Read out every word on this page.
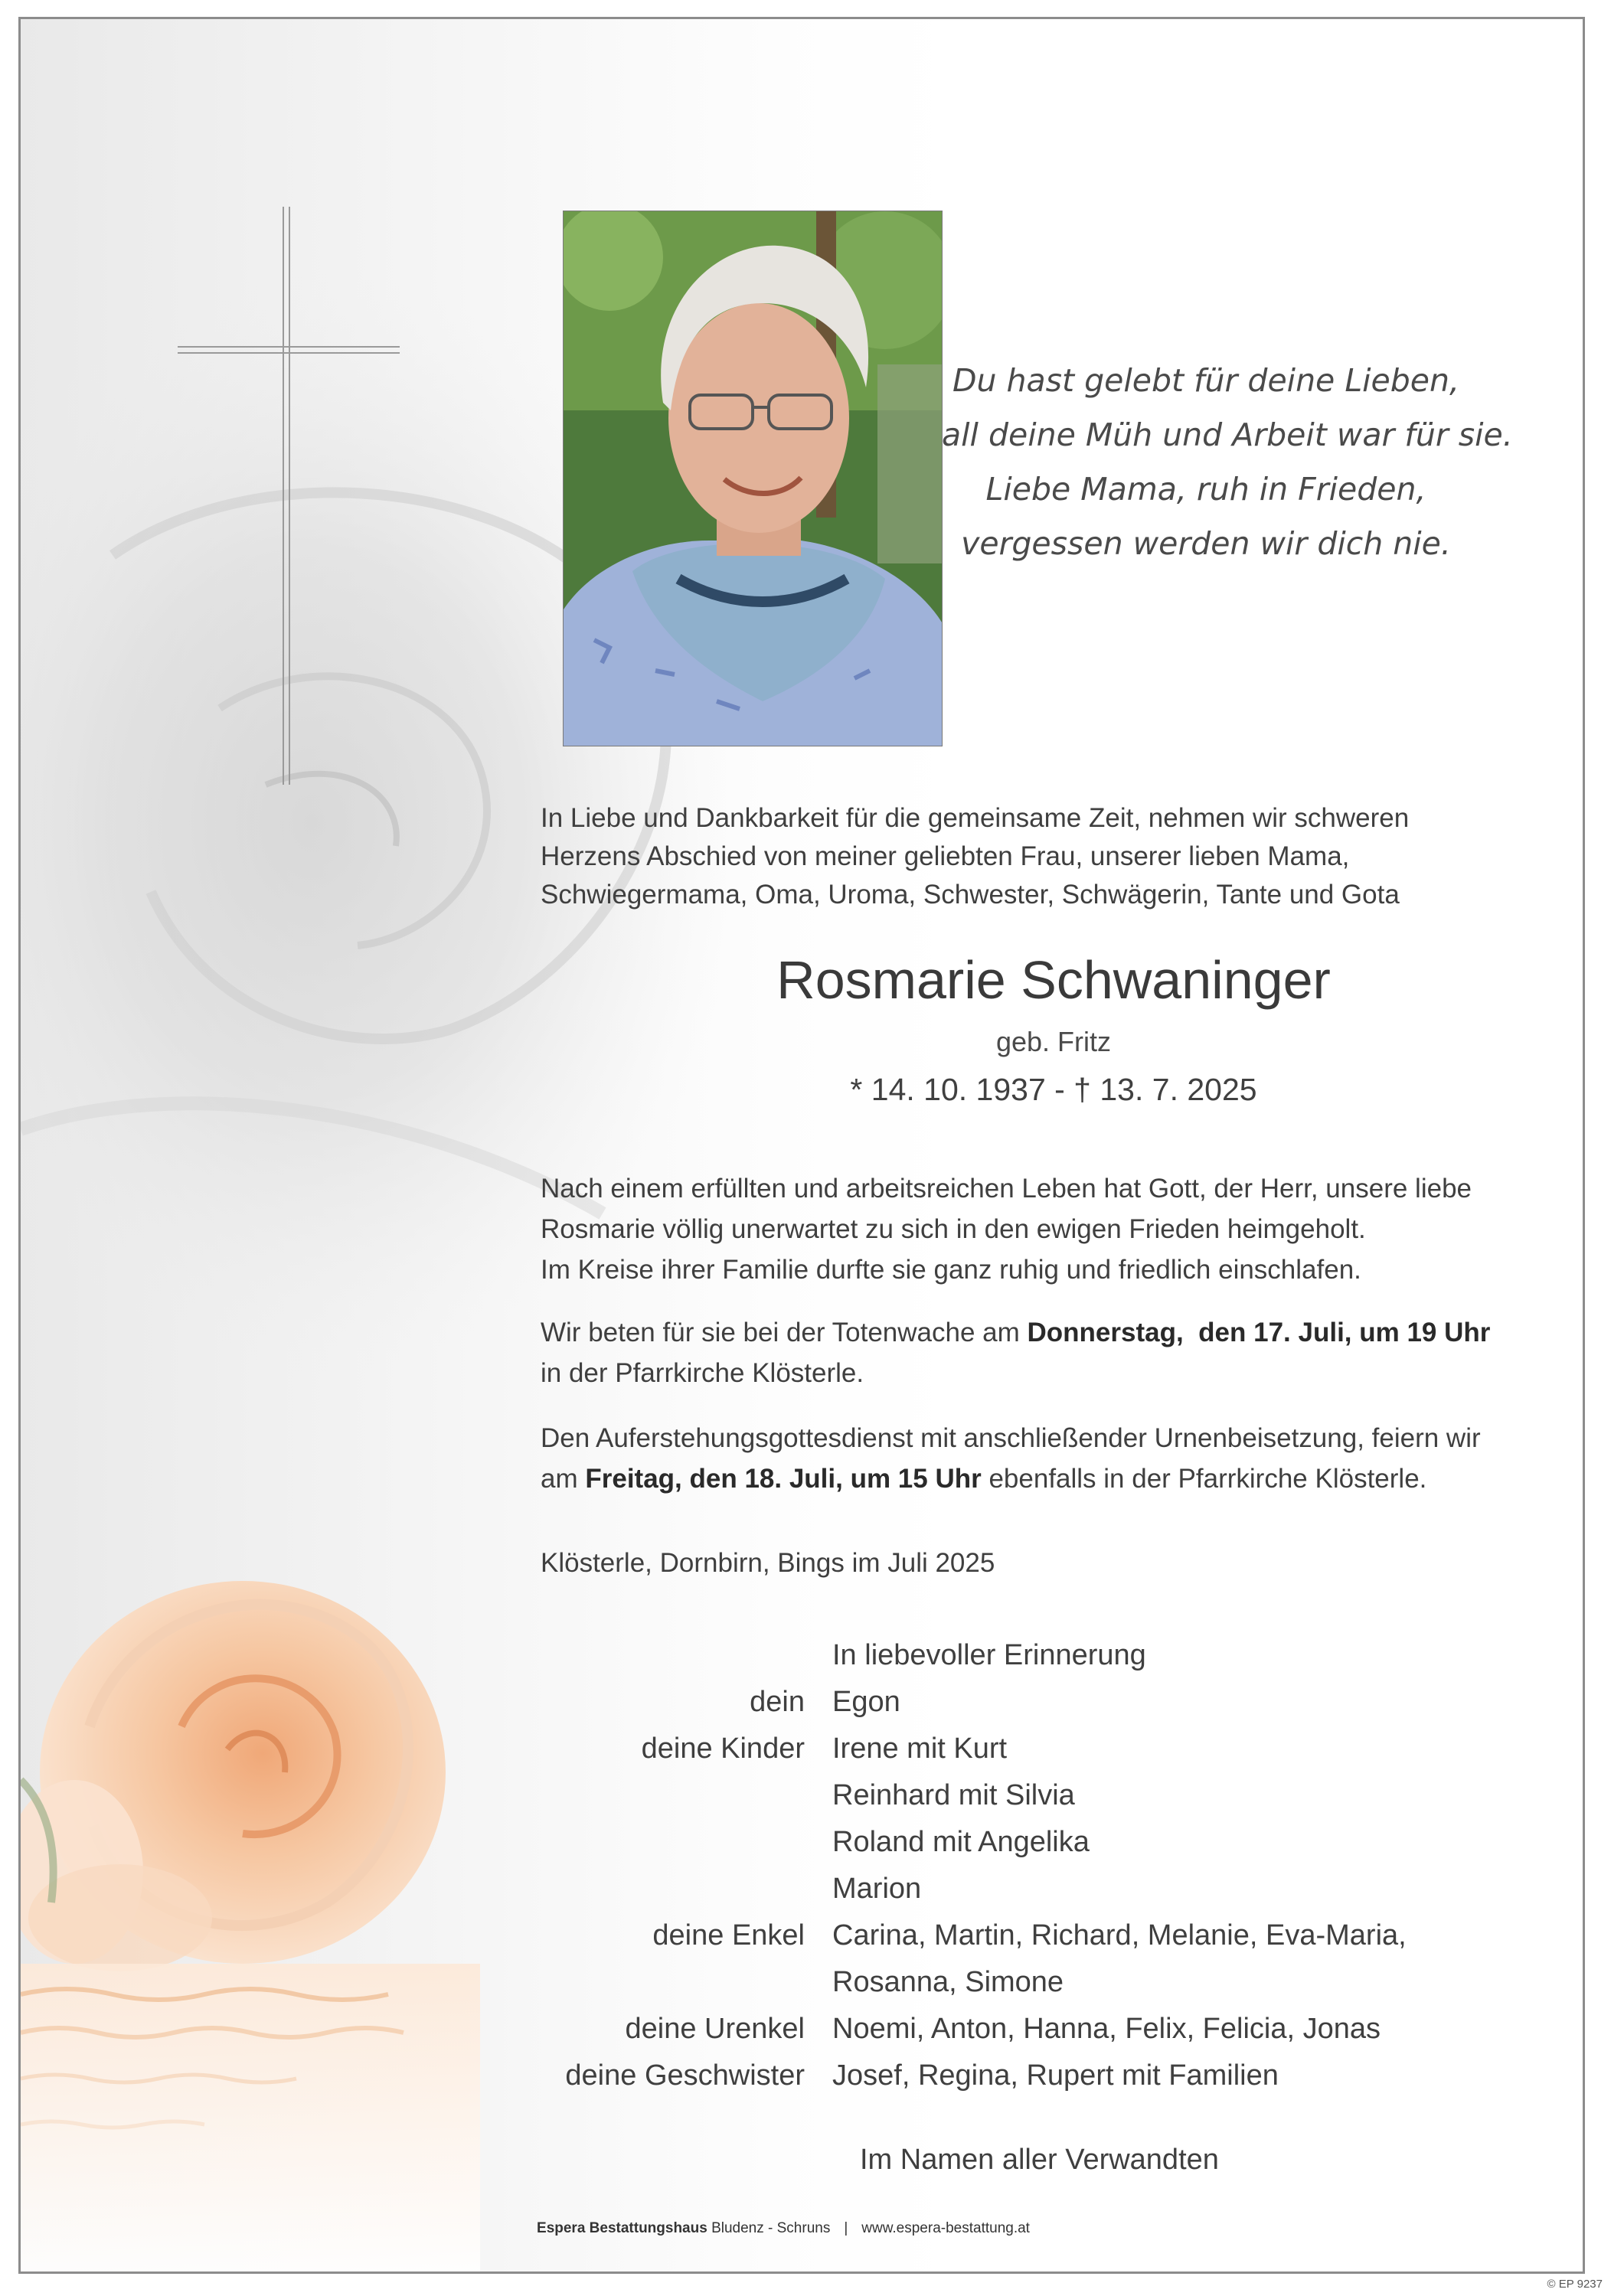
Du hast gelebt für deine Lieben,
all deine Müh und Arbeit war für sie.
Liebe Mama, ruh in Frieden,
vergessen werden wir dich nie.
In Liebe und Dankbarkeit für die gemeinsame Zeit, nehmen wir schweren
Herzens Abschied von meiner geliebten Frau, unserer lieben Mama,
Schwiegermama, Oma, Uroma, Schwester, Schwägerin, Tante und Gota
Rosmarie Schwaninger
geb. Fritz
* 14. 10. 1937 - † 13. 7. 2025
Nach einem erfüllten und arbeitsreichen Leben hat Gott, der Herr, unsere liebe
Rosmarie völlig unerwartet zu sich in den ewigen Frieden heimgeholt.
Im Kreise ihrer Familie durfte sie ganz ruhig und friedlich einschlafen.
Wir beten für sie bei der Totenwache am Donnerstag,  den 17. Juli, um 19 Uhr
in der Pfarrkirche Klösterle.
Den Auferstehungsgottesdienst mit anschließender Urnenbeisetzung, feiern wir
am Freitag, den 18. Juli, um 15 Uhr ebenfalls in der Pfarrkirche Klösterle.
Klösterle, Dornbirn, Bings im Juli 2025
In liebevoller Erinnerung
dein Egon
deine Kinder Irene mit Kurt
Reinhard mit Silvia
Roland mit Angelika
Marion
deine Enkel Carina, Martin, Richard, Melanie, Eva-Maria,
Rosanna, Simone
deine Urenkel Noemi, Anton, Hanna, Felix, Felicia, Jonas
deine Geschwister Josef, Regina, Rupert mit Familien
Im Namen aller Verwandten
Espera Bestattungshaus Bludenz - Schruns | www.espera-bestattung.at
© EP 9237
